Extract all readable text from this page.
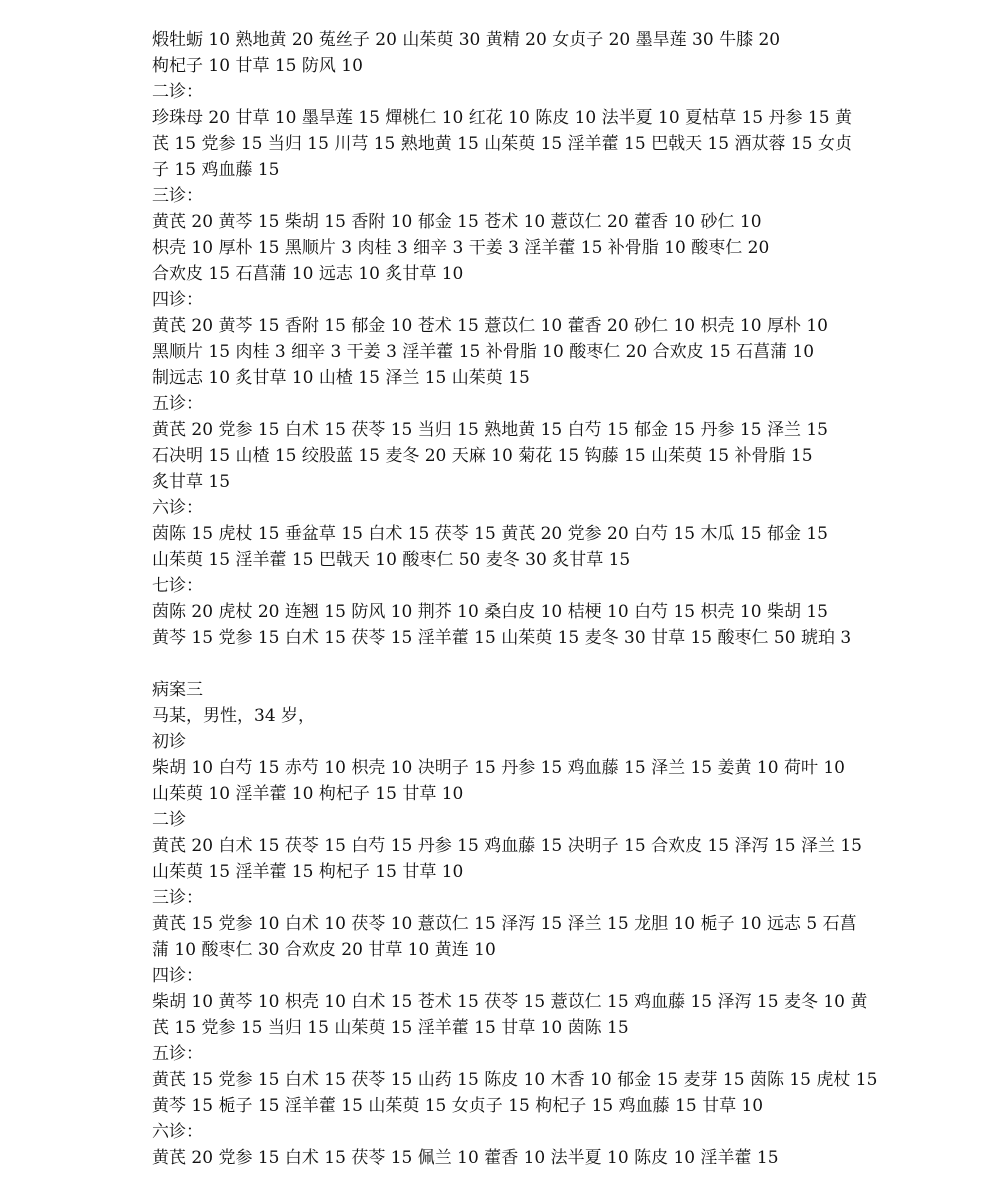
煅牡蛎 10 熟地黄 20 菟丝子 20 山茱萸 30 黄精 20 女贞子 20 墨旱莲 30 牛膝 20
枸杞子 10 甘草 15 防风 10
二诊：
珍珠母 20 甘草 10 墨旱莲 15 燀桃仁 10 红花 10 陈皮 10 法半夏 10 夏枯草 15 丹参 15 黄
芪 15 党参 15 当归 15 川芎 15 熟地黄 15 山茱萸 15 淫羊藿 15 巴戟天 15 酒苁蓉 15 女贞
子 15 鸡血藤 15
三诊：
黄芪 20 黄芩 15 柴胡 15 香附 10 郁金 15 苍术 10 薏苡仁 20 藿香 10 砂仁 10
枳壳 10 厚朴 15 黑顺片 3 肉桂 3 细辛 3 干姜 3 淫羊藿 15 补骨脂 10 酸枣仁 20
合欢皮 15 石菖蒲 10 远志 10 炙甘草 10
四诊：
黄芪 20 黄芩 15 香附 15 郁金 10 苍术 15 薏苡仁 10 藿香 20 砂仁 10 枳壳 10 厚朴 10
黑顺片 15 肉桂 3 细辛 3 干姜 3 淫羊藿 15 补骨脂 10 酸枣仁 20 合欢皮 15 石菖蒲 10
制远志 10 炙甘草 10 山楂 15 泽兰 15 山茱萸 15
五诊：
黄芪 20 党参 15 白术 15 茯苓 15 当归 15 熟地黄 15 白芍 15 郁金 15 丹参 15 泽兰 15
石决明 15 山楂 15 绞股蓝 15 麦冬 20 天麻 10 菊花 15 钩藤 15 山茱萸 15 补骨脂 15
炙甘草 15
六诊：
茵陈 15 虎杖 15 垂盆草 15 白术 15 茯苓 15 黄芪 20 党参 20 白芍 15 木瓜 15 郁金 15
山茱萸 15 淫羊藿 15 巴戟天 10 酸枣仁 50 麦冬 30 炙甘草 15
七诊：
茵陈 20 虎杖 20 连翘 15 防风 10 荆芥 10 桑白皮 10 桔梗 10 白芍 15 枳壳 10 柴胡 15
黄芩 15 党参 15 白术 15 茯苓 15 淫羊藿 15 山茱萸 15 麦冬 30 甘草 15 酸枣仁 50 琥珀 3
病案三
马某，男性，34 岁，
初诊
柴胡 10 白芍 15 赤芍 10 枳壳 10 决明子 15 丹参 15 鸡血藤 15 泽兰 15 姜黄 10 荷叶 10
山茱萸 10 淫羊藿 10 枸杞子 15 甘草 10
二诊
黄芪 20 白术 15 茯苓 15 白芍 15 丹参 15 鸡血藤 15 决明子 15 合欢皮 15 泽泻 15 泽兰 15
山茱萸 15 淫羊藿 15 枸杞子 15 甘草 10
三诊：
黄芪 15 党参 10 白术 10 茯苓 10 薏苡仁 15 泽泻 15 泽兰 15 龙胆 10 栀子 10 远志 5 石菖
蒲 10 酸枣仁 30 合欢皮 20 甘草 10 黄连 10
四诊：
柴胡 10 黄芩 10 枳壳 10 白术 15 苍术 15 茯苓 15 薏苡仁 15 鸡血藤 15 泽泻 15 麦冬 10 黄
芪 15 党参 15 当归 15 山茱萸 15 淫羊藿 15 甘草 10 茵陈 15
五诊：
黄芪 15 党参 15 白术 15 茯苓 15 山药 15 陈皮 10 木香 10 郁金 15 麦芽 15 茵陈 15 虎杖 15
黄芩 15 栀子 15 淫羊藿 15 山茱萸 15 女贞子 15 枸杞子 15 鸡血藤 15 甘草 10
六诊：
黄芪 20 党参 15 白术 15 茯苓 15 佩兰 10 藿香 10 法半夏 10 陈皮 10 淫羊藿 15
